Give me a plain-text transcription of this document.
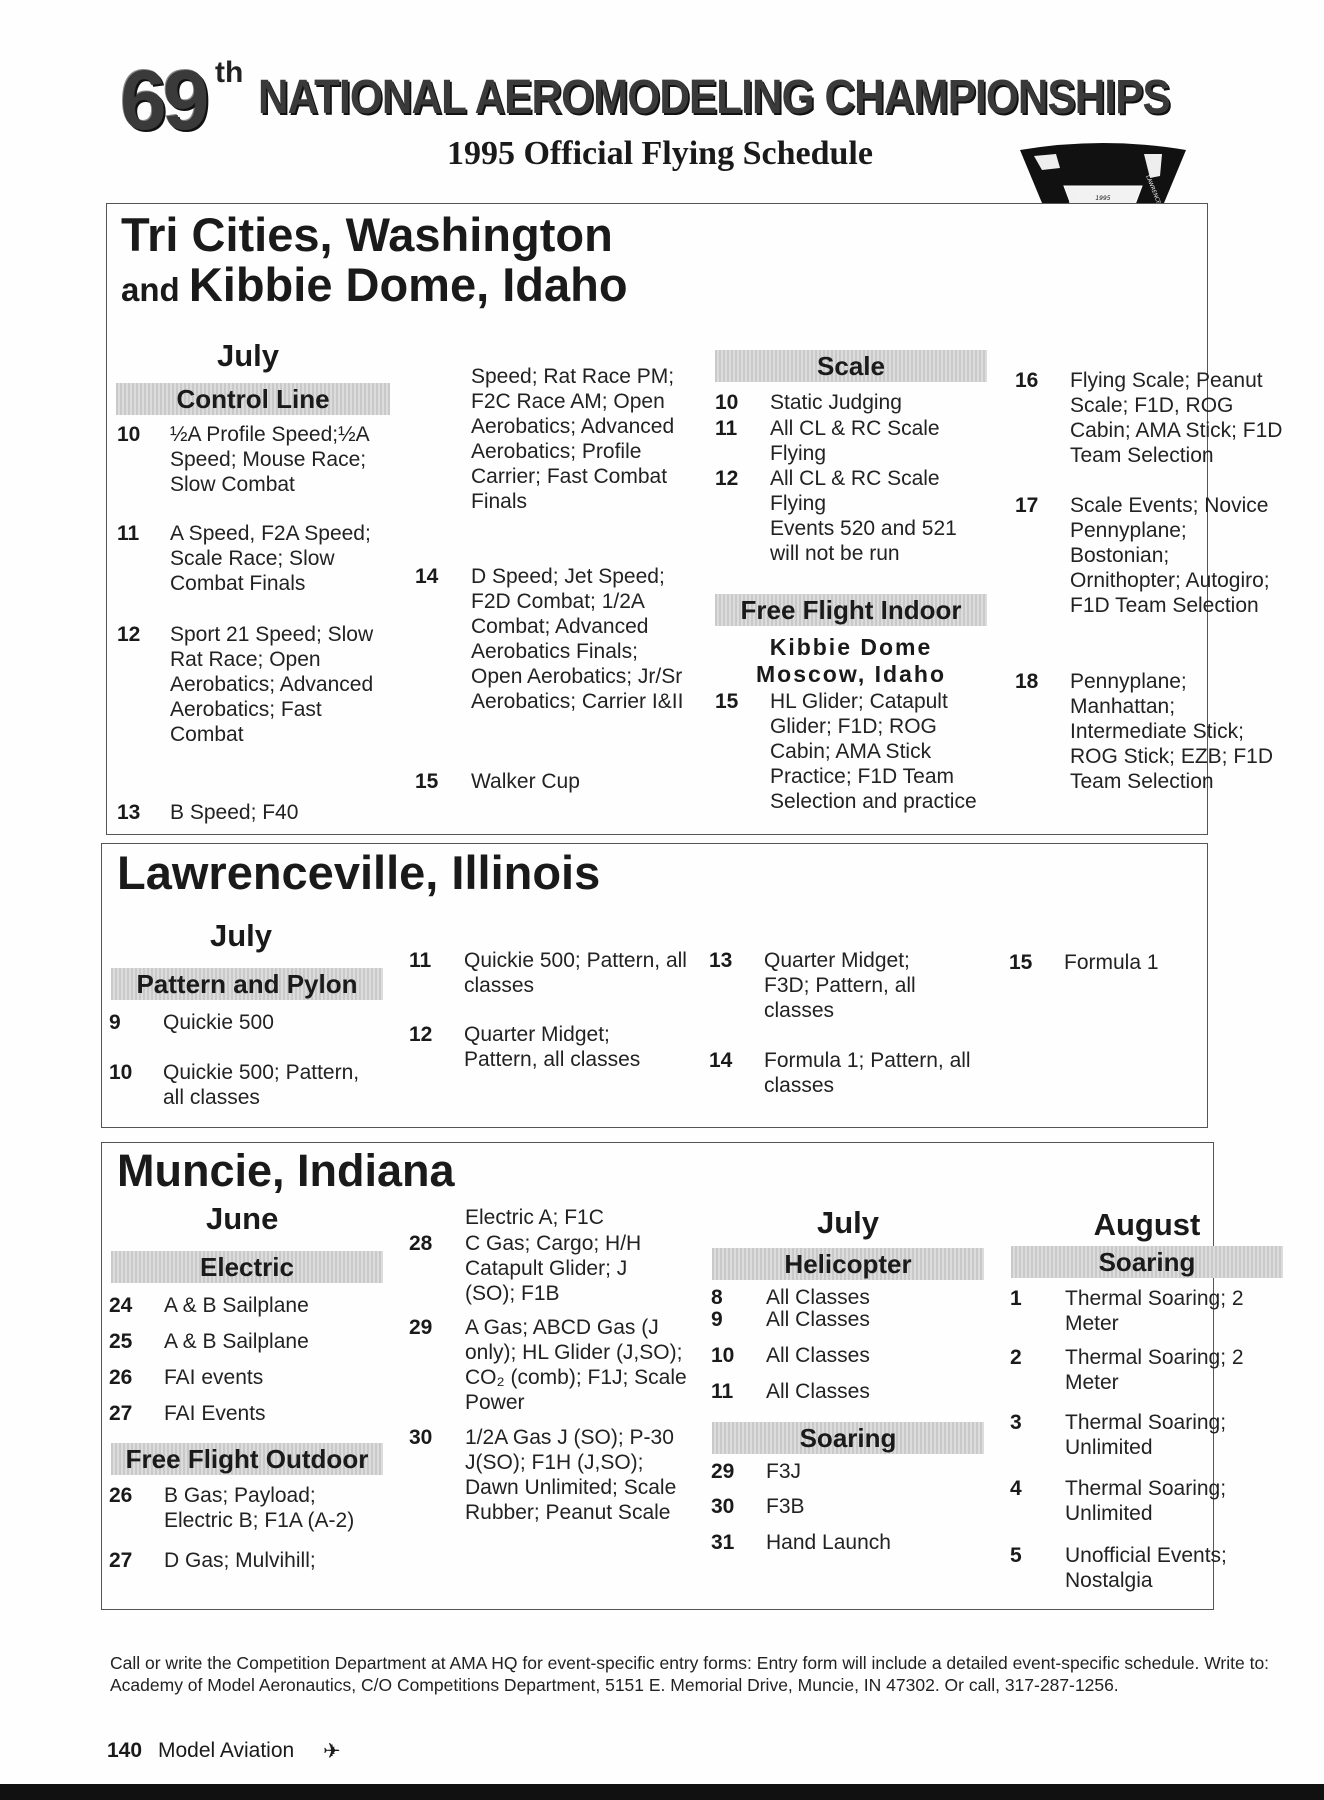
69 th NATIONAL AEROMODELING CHAMPIONSHIPS
1995 Official Flying Schedule
1995
Tri Cities, Washington
and Kibbie Dome, Idaho
July
Control Line
10	½A Profile Speed;½A Speed; Mouse Race; Slow Combat
11	A Speed, F2A Speed; Scale Race; Slow Combat Finals
12	Sport 21 Speed; Slow Rat Race; Open Aerobatics; Advanced Aerobatics; Fast Combat
13	B Speed; F40
Speed; Rat Race PM; F2C Race AM; Open Aerobatics; Advanced Aerobatics; Profile Carrier; Fast Combat Finals
14	D Speed; Jet Speed; F2D Combat; 1/2A Combat; Advanced Aerobatics Finals; Open Aerobatics; Jr/Sr Aerobatics; Carrier I&II
15	Walker Cup
Scale
10	Static Judging
11	All CL & RC Scale Flying
12	All CL & RC Scale Flying
Events 520 and 521 will not be run
Free Flight Indoor
Kibbie Dome
Moscow, Idaho
15	HL Glider; Catapult Glider; F1D; ROG Cabin; AMA Stick Practice; F1D Team Selection and practice
16	Flying Scale; Peanut Scale; F1D, ROG Cabin; AMA Stick; F1D Team Selection
17	Scale Events; Novice Pennyplane; Bostonian; Ornithopter; Autogiro; F1D Team Selection
18	Pennyplane; Manhattan; Intermediate Stick; ROG Stick; EZB; F1D Team Selection
Lawrenceville, Illinois
July
Pattern and Pylon
9	Quickie 500
10	Quickie 500; Pattern, all classes
11	Quickie 500; Pattern, all classes
12	Quarter Midget; Pattern, all classes
13	Quarter Midget; F3D; Pattern, all classes
14	Formula 1; Pattern, all classes
15	Formula 1
Muncie, Indiana
June
Electric
24	A & B Sailplane
25	A & B Sailplane
26	FAI events
27	FAI Events
Free Flight Outdoor
26	B Gas; Payload; Electric B; F1A (A-2)
27	D Gas; Mulvihill;
Electric A; F1C
28	C Gas; Cargo; H/H Catapult Glider; J (SO); F1B
29	A Gas; ABCD Gas (J only); HL Glider (J,SO); CO₂ (comb); F1J; Scale Power
30	1/2A Gas J (SO); P-30 J(SO); F1H (J,SO); Dawn Unlimited; Scale Rubber; Peanut Scale
July
Helicopter
8	All Classes
9	All Classes
10	All Classes
11	All Classes
Soaring
29	F3J
30	F3B
31	Hand Launch
August
Soaring
1	Thermal Soaring; 2 Meter
2	Thermal Soaring; 2 Meter
3	Thermal Soaring; Unlimited
4	Thermal Soaring; Unlimited
5	Unofficial Events; Nostalgia
Call or write the Competition Department at AMA HQ for event-specific entry forms: Entry form will include a detailed event-specific schedule. Write to: Academy of Model Aeronautics, C/O Competitions Department, 5151 E. Memorial Drive, Muncie, IN 47302. Or call, 317-287-1256.
140 Model Aviation ✈
